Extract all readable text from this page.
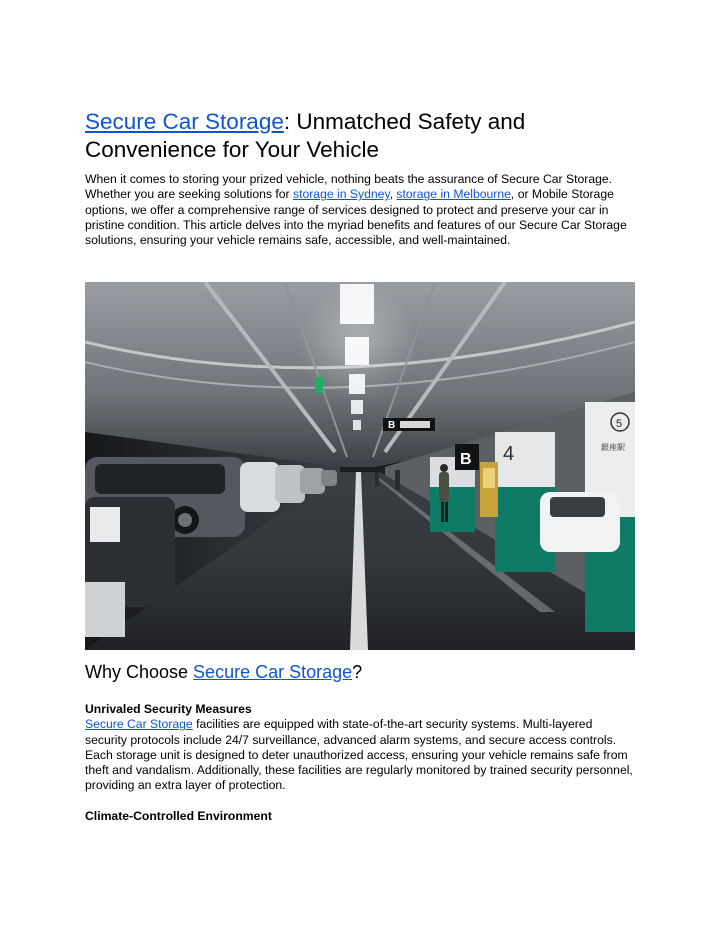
Secure Car Storage: Unmatched Safety and Convenience for Your Vehicle

When it comes to storing your prized vehicle, nothing beats the assurance of Secure Car Storage. Whether you are seeking solutions for storage in Sydney, storage in Melbourne, or Mobile Storage options, we offer a comprehensive range of services designed to protect and preserve your car in pristine condition. This article delves into the myriad benefits and features of our Secure Car Storage solutions, ensuring your vehicle remains safe, accessible, and well-maintained.

B
4
B
5
銀座駅
Why Choose Secure Car Storage?
Unrivaled Security Measures

Secure Car Storage facilities are equipped with state-of-the-art security systems. Multi-layered security protocols include 24/7 surveillance, advanced alarm systems, and secure access controls. Each storage unit is designed to deter unauthorized access, ensuring your vehicle remains safe from theft and vandalism. Additionally, these facilities are regularly monitored by trained security personnel, providing an extra layer of protection.

Climate-Controlled Environment
